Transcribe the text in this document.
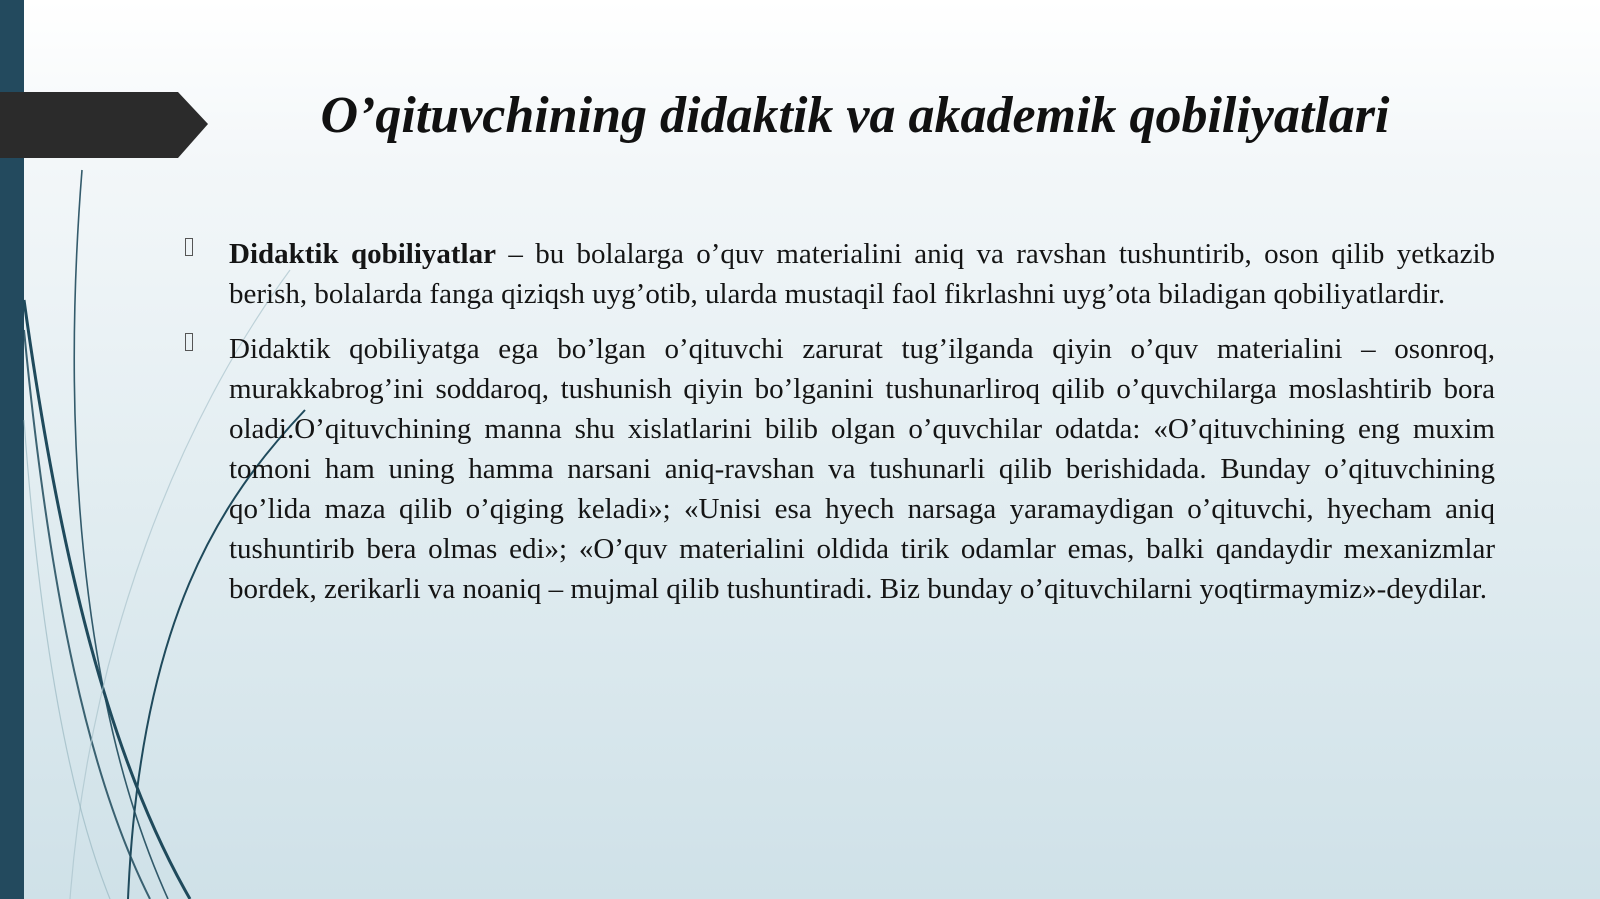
O’qituvchining didaktik va akademik qobiliyatlari

Didaktik qobiliyatlar – bu bolalarga o’quv materialini aniq va ravshan tushuntirib, oson qilib yetkazib berish, bolalarda fanga qiziqsh uyg’otib, ularda mustaqil faol fikrlashni uyg’ota biladigan qobiliyatlardir.

Didaktik qobiliyatga ega bo’lgan o’qituvchi zarurat tug’ilganda qiyin o’quv materialini – osonroq, murakkabrog’ini soddaroq, tushunish qiyin bo’lganini tushunarliroq qilib o’quvchilarga moslashtirib bora oladi.O’qituvchining manna shu xislatlarini bilib olgan o’quvchilar odatda: «O’qituvchining eng muxim tomoni ham uning hamma narsani aniq-ravshan va tushunarli qilib berishidada. Bunday o’qituvchining qo’lida maza qilib o’qiging keladi»; «Unisi esa hyech narsaga yaramaydigan o’qituvchi, hyecham aniq tushuntirib bera olmas edi»; «O’quv materialini oldida tirik odamlar emas, balki qandaydir mexanizmlar bordek, zerikarli va noaniq – mujmal qilib tushuntiradi. Biz bunday o’qituvchilarni yoqtirmaymiz»-deydilar.
